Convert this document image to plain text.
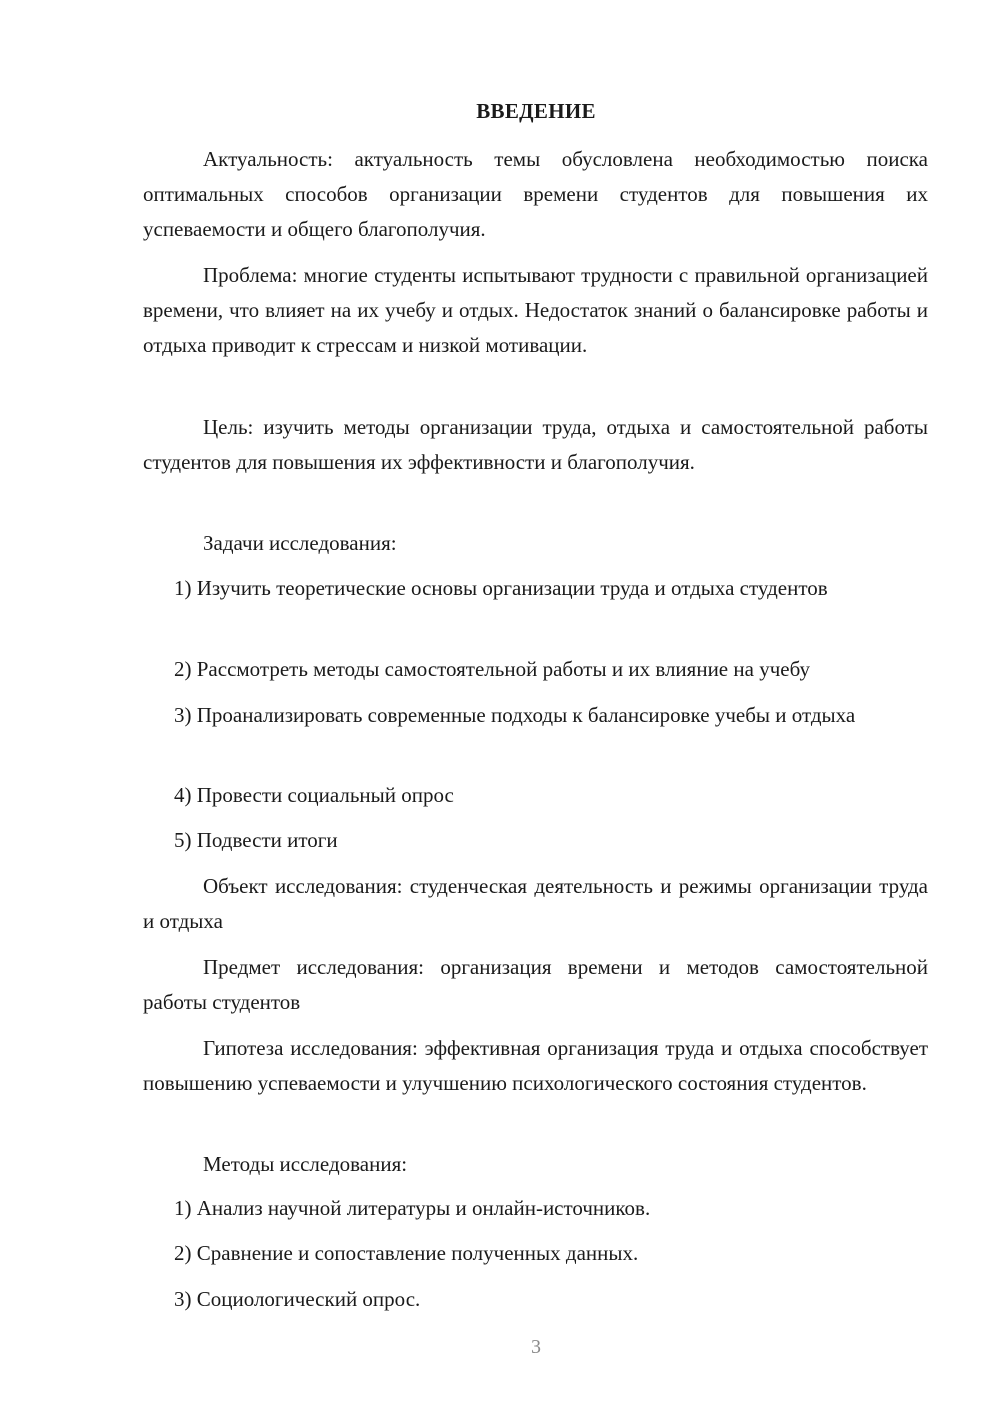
ВВЕДЕНИЕ

Актуальность: актуальность темы обусловлена необходимостью поиска оптимальных способов организации времени студентов для повышения их успеваемости и общего благополучия.

Проблема: многие студенты испытывают трудности с правильной организацией времени, что влияет на их учебу и отдых. Недостаток знаний о балансировке работы и отдыха приводит к стрессам и низкой мотивации.

Цель: изучить методы организации труда, отдыха и самостоятельной работы студентов для повышения их эффективности и благополучия.

Задачи исследования:

1) Изучить теоретические основы организации труда и отдыха студентов

2) Рассмотреть методы самостоятельной работы и их влияние на учебу

3) Проанализировать современные подходы к балансировке учебы и отдыха

4) Провести социальный опрос

5) Подвести итоги

Объект исследования: студенческая деятельность и режимы организации труда и отдыха

Предмет исследования: организация времени и методов самостоятельной работы студентов

Гипотеза исследования: эффективная организация труда и отдыха способствует повышению успеваемости и улучшению психологического состояния студентов.

Методы исследования:

1) Анализ научной литературы и онлайн-источников.

2) Сравнение и сопоставление полученных данных.

3) Социологический опрос.

3
